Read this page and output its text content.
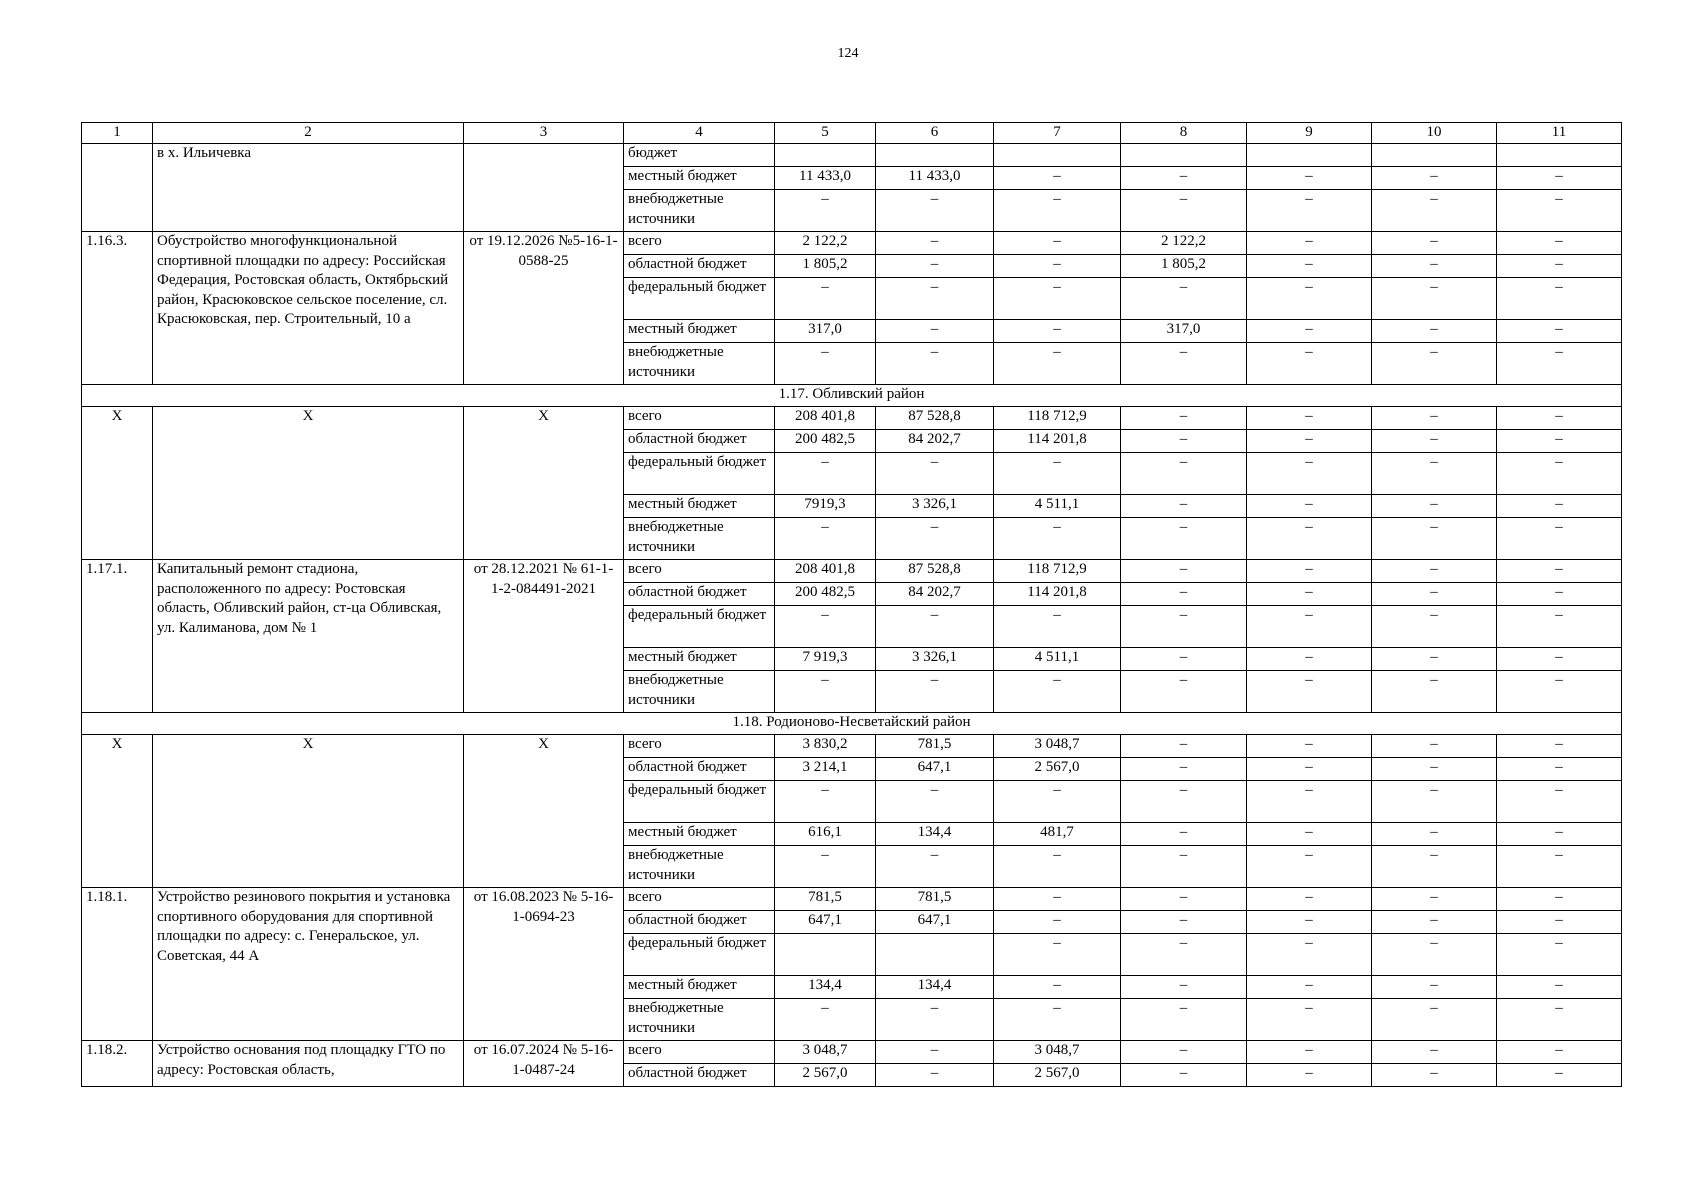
124
1	2	3	4	5	6	7	8	9	10	11
	в х. Ильичевка		бюджет							
			местный бюджет	11 433,0	11 433,0	–	–	–	–	–
			внебюджетные источники	–	–	–	–	–	–	–
1.16.3.	Обустройство многофункциональной спортивной площадки по адресу: Российская Федерация, Ростовская область, Октябрьский район, Красюковское сельское поселение, сл. Красюковская, пер. Строительный, 10 а	от 19.12.2026 №5-16-1-0588-25	всего	2 122,2	–	–	2 122,2	–	–	–
			областной бюджет	1 805,2	–	–	1 805,2	–	–	–
			федеральный бюджет	–	–	–	–	–	–	–
			местный бюджет	317,0	–	–	317,0	–	–	–
			внебюджетные источники	–	–	–	–	–	–	–
1.17. Обливский район										
X	X	X	всего	208 401,8	87 528,8	118 712,9	–	–	–	–
			областной бюджет	200 482,5	84 202,7	114 201,8	–	–	–	–
			федеральный бюджет	–	–	–	–	–	–	–
			местный бюджет	7919,3	3 326,1	4 511,1	–	–	–	–
			внебюджетные источники	–	–	–	–	–	–	–
1.17.1.	Капитальный ремонт стадиона, расположенного по адресу: Ростовская область, Обливский район, ст-ца Обливская, ул. Калиманова, дом № 1	от 28.12.2021 № 61-1-1-2-084491-2021	всего	208 401,8	87 528,8	118 712,9	–	–	–	–
			областной бюджет	200 482,5	84 202,7	114 201,8	–	–	–	–
			федеральный бюджет	–	–	–	–	–	–	–
			местный бюджет	7 919,3	3 326,1	4 511,1	–	–	–	–
			внебюджетные источники	–	–	–	–	–	–	–
1.18. Родионово-Несветайский район										
X	X	X	всего	3 830,2	781,5	3 048,7	–	–	–	–
			областной бюджет	3 214,1	647,1	2 567,0	–	–	–	–
			федеральный бюджет	–	–	–	–	–	–	–
			местный бюджет	616,1	134,4	481,7	–	–	–	–
			внебюджетные источники	–	–	–	–	–	–	–
1.18.1.	Устройство резинового покрытия и установка спортивного оборудования для спортивной площадки по адресу: с. Генеральское, ул. Советская, 44 А	от 16.08.2023 № 5-16-1-0694-23	всего	781,5	781,5	–	–	–	–	–
			областной бюджет	647,1	647,1	–	–	–	–	–
			федеральный бюджет			–	–	–	–	–
			местный бюджет	134,4	134,4	–	–	–	–	–
			внебюджетные источники	–	–	–	–	–	–	–
1.18.2.	Устройство основания под площадку ГТО по адресу: Ростовская область,	от 16.07.2024 № 5-16-1-0487-24	всего	3 048,7	–	3 048,7	–	–	–	–
			областной бюджет	2 567,0	–	2 567,0	–	–	–	–
